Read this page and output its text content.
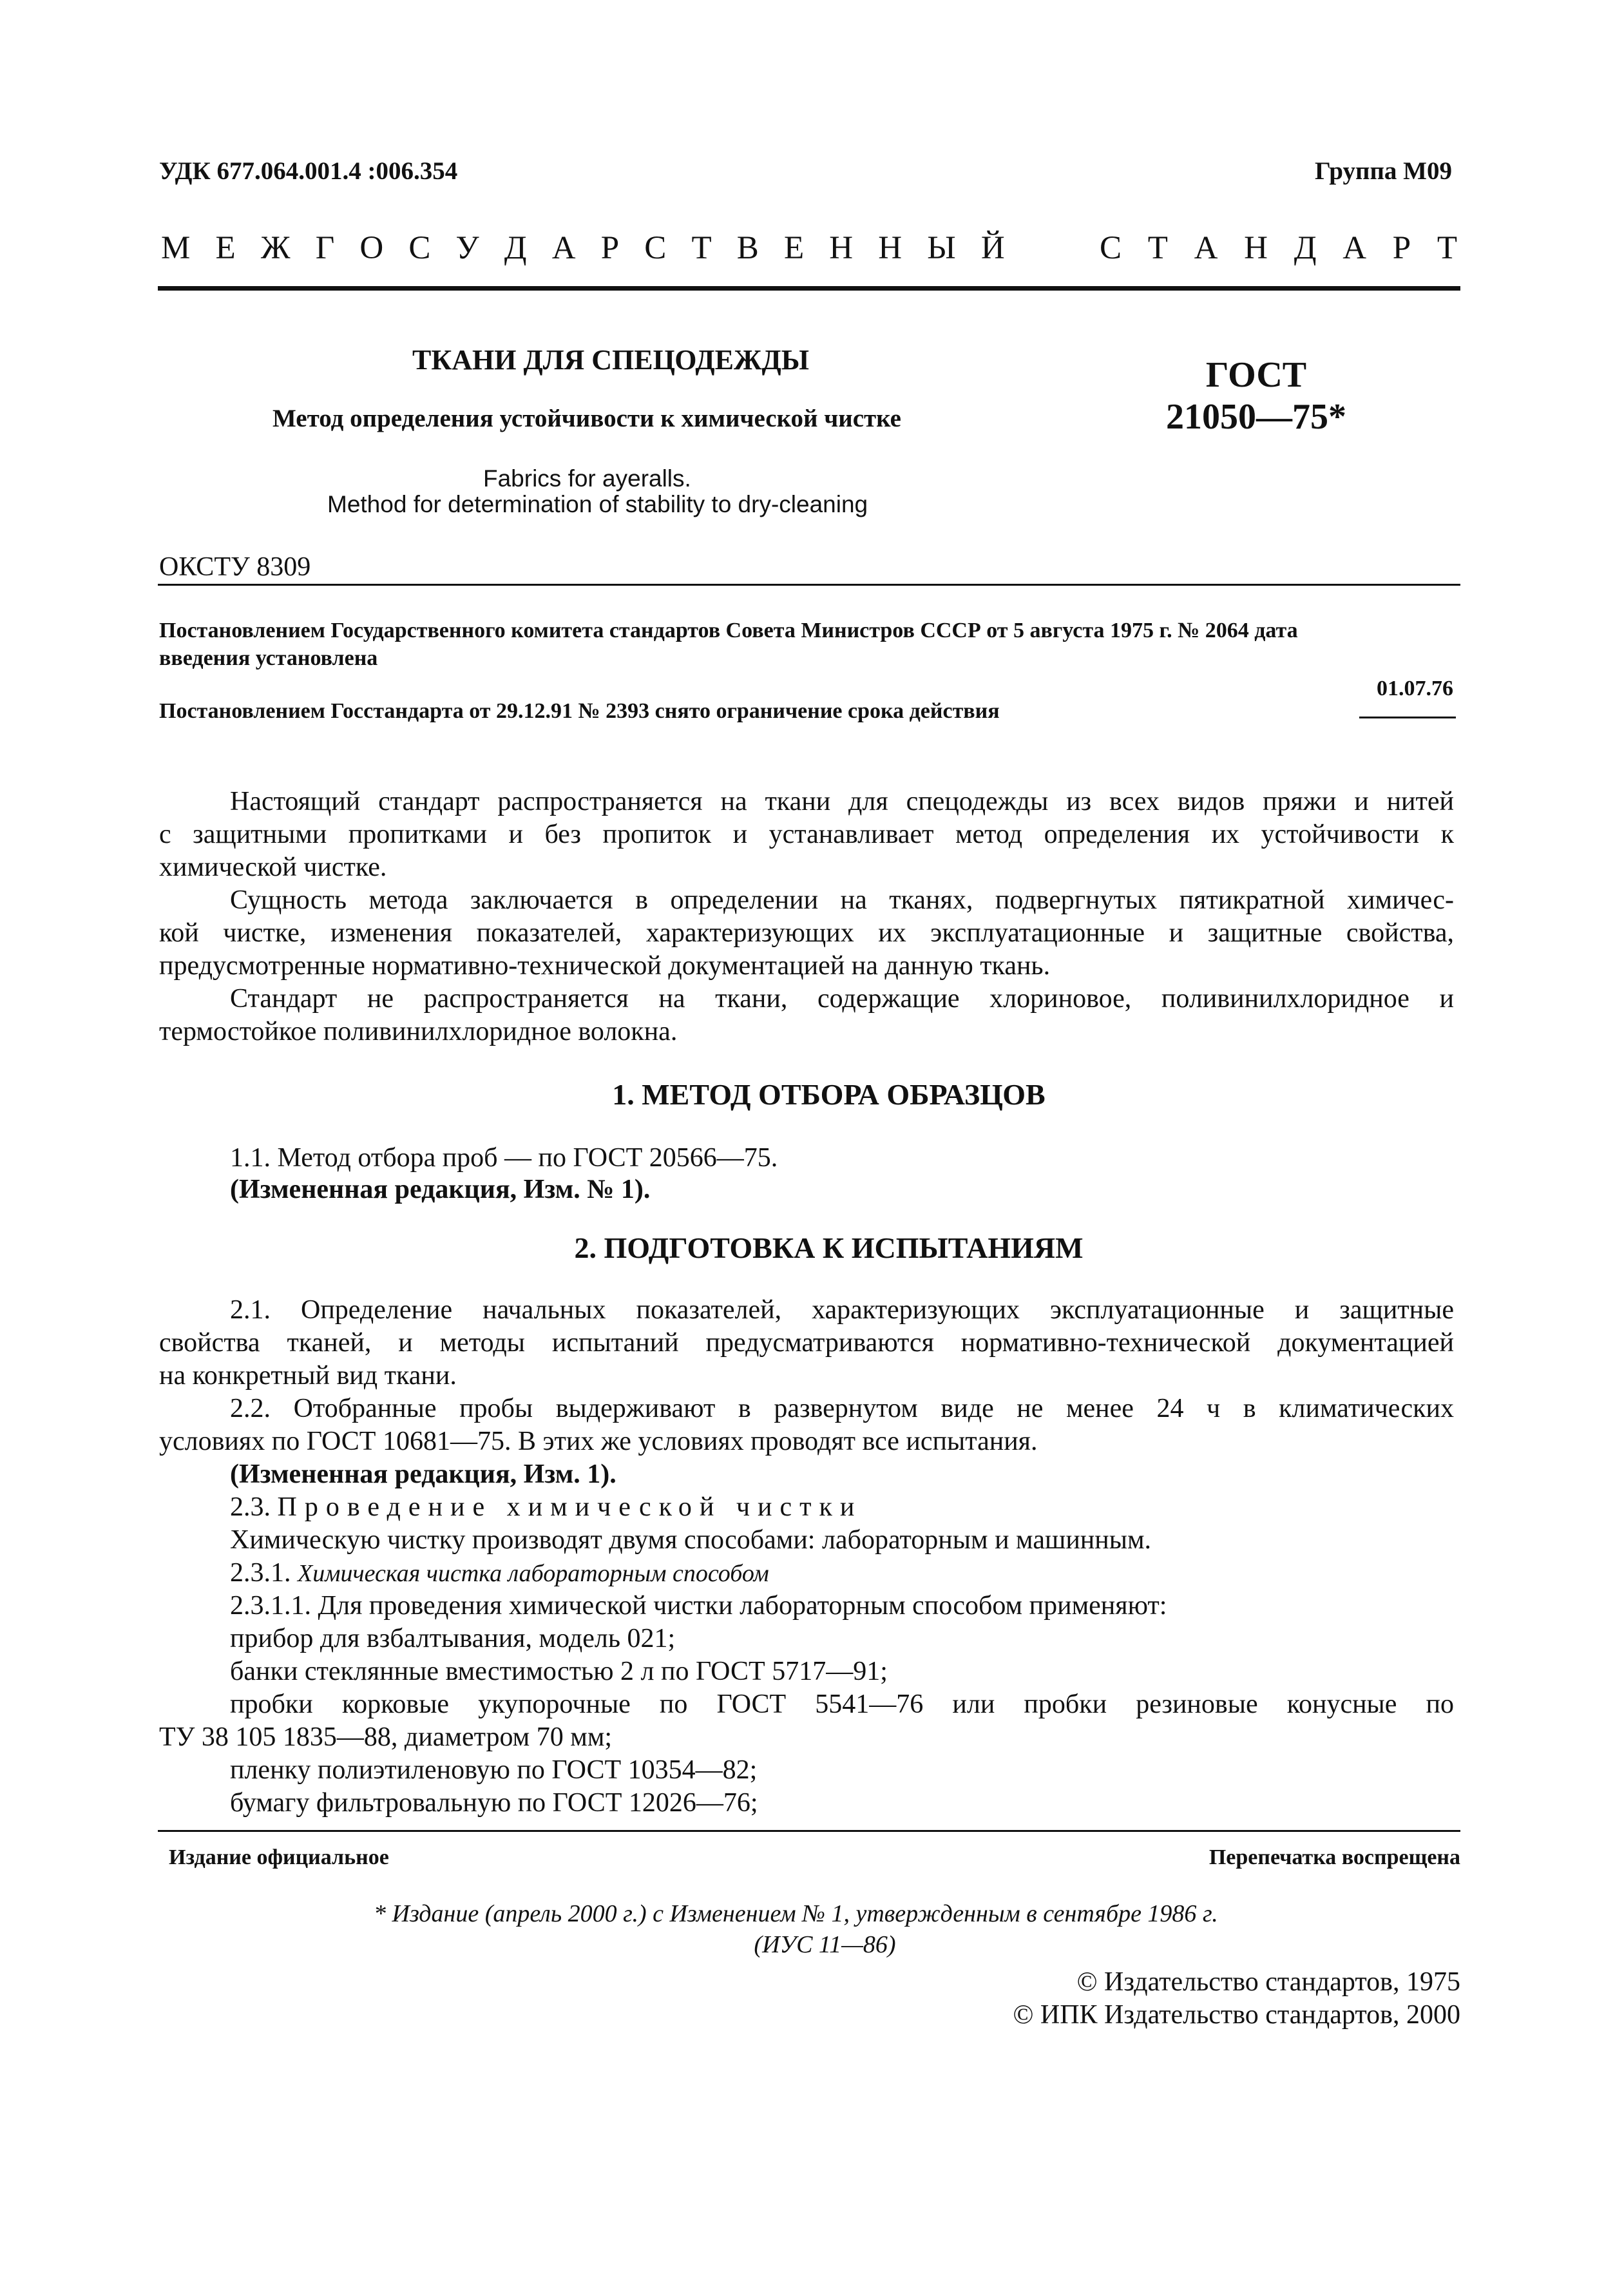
УДК 677.064.001.4 :006.354	Группа М09
М Е Ж Г О С У Д А Р С Т В Е Н Н Ы Й	С Т А Н Д А Р Т
ТКАНИ ДЛЯ СПЕЦОДЕЖДЫ
Метод определения устойчивости к химической чистке
ГОСТ
21050—75*
Fabrics for ayeralls.
Method for determination of stability to dry-cleaning
ОКСТУ 8309
Постановлением Государственного комитета стандартов Совета Министров СССР от 5 августа 1975 г. № 2064 дата
введения установлена
01.07.76
Постановлением Госстандарта от 29.12.91 № 2393 снято ограничение срока действия
Настоящий стандарт распространяется на ткани для спецодежды из всех видов пряжи и нитей
с защитными пропитками и без пропиток и устанавливает метод определения их устойчивости к
химической чистке.
Сущность метода заключается в определении на тканях, подвергнутых пятикратной химичес-
кой чистке, изменения показателей, характеризующих их эксплуатационные и защитные свойства,
предусмотренные нормативно-технической документацией на данную ткань.
Стандарт не распространяется на ткани, содержащие хлориновое, поливинилхлоридное и
термостойкое поливинилхлоридное волокна.
1. МЕТОД ОТБОРА ОБРАЗЦОВ
1.1. Метод отбора проб — по ГОСТ 20566—75.
(Измененная редакция, Изм. № 1).
2. ПОДГОТОВКА К ИСПЫТАНИЯМ
2.1. Определение начальных показателей, характеризующих эксплуатационные и защитные
свойства тканей, и методы испытаний предусматриваются нормативно-технической документацией
на конкретный вид ткани.
2.2. Отобранные пробы выдерживают в развернутом виде не менее 24 ч в климатических
условиях по ГОСТ 10681—75. В этих же условиях проводят все испытания.
(Измененная редакция, Изм. 1).
2.3. Проведение химической чистки
Химическую чистку производят двумя способами: лабораторным и машинным.
2.3.1. Химическая чистка лабораторным способом
2.3.1.1. Для проведения химической чистки лабораторным способом применяют:
прибор для взбалтывания, модель 021;
банки стеклянные вместимостью 2 л по ГОСТ 5717—91;
пробки корковые укупорочные по ГОСТ 5541—76 или пробки резиновые конусные по
ТУ 38 105 1835—88, диаметром 70 мм;
пленку полиэтиленовую по ГОСТ 10354—82;
бумагу фильтровальную по ГОСТ 12026—76;
Издание официальное	Перепечатка воспрещена
* Издание (апрель 2000 г.) с Изменением № 1, утвержденным в сентябре 1986 г.
(ИУС 11—86)
© Издательство стандартов, 1975
© ИПК Издательство стандартов, 2000
